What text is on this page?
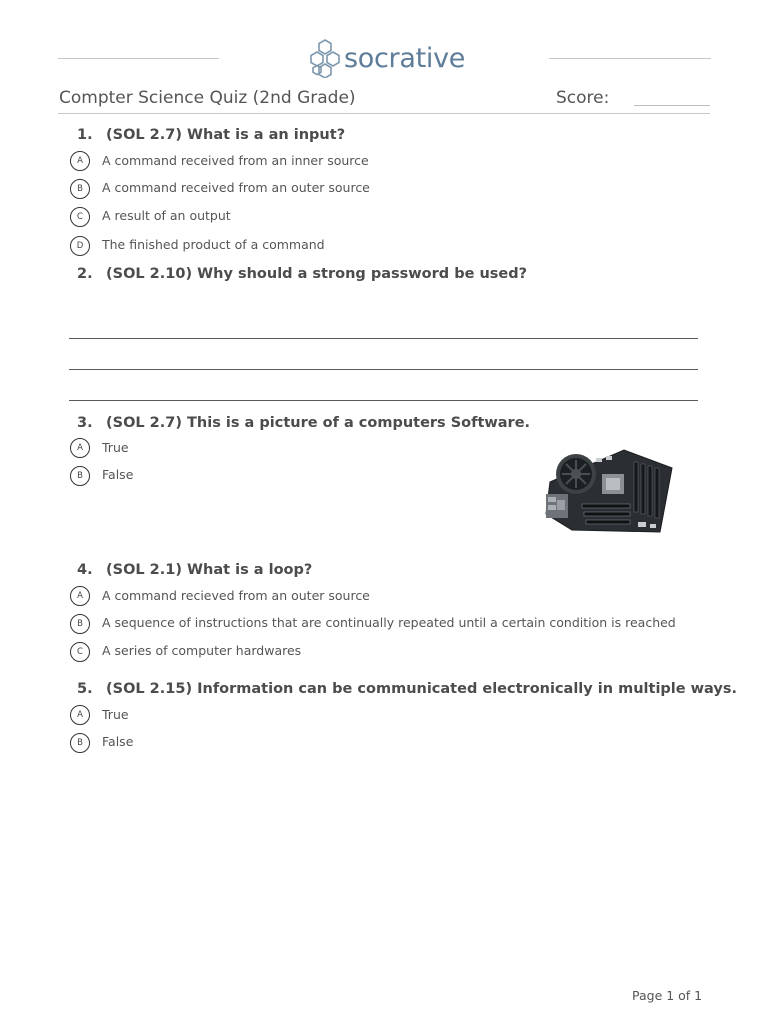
socrative
Compter Science Quiz (2nd Grade)	Score:
1. (SOL 2.7) What is a an input?
A	A command received from an inner source
B	A command received from an outer source
C	A result of an output
D	The finished product of a command
2. (SOL 2.10) Why should a strong password be used?
3. (SOL 2.7) This is a picture of a computers Software.
A	True
B	False
4. (SOL 2.1) What is a loop?
A	A command recieved from an outer source
B	A sequence of instructions that are continually repeated until a certain condition is reached
C	A series of computer hardwares
5. (SOL 2.15) Information can be communicated electronically in multiple ways.
A	True
B	False
Page 1 of 1
